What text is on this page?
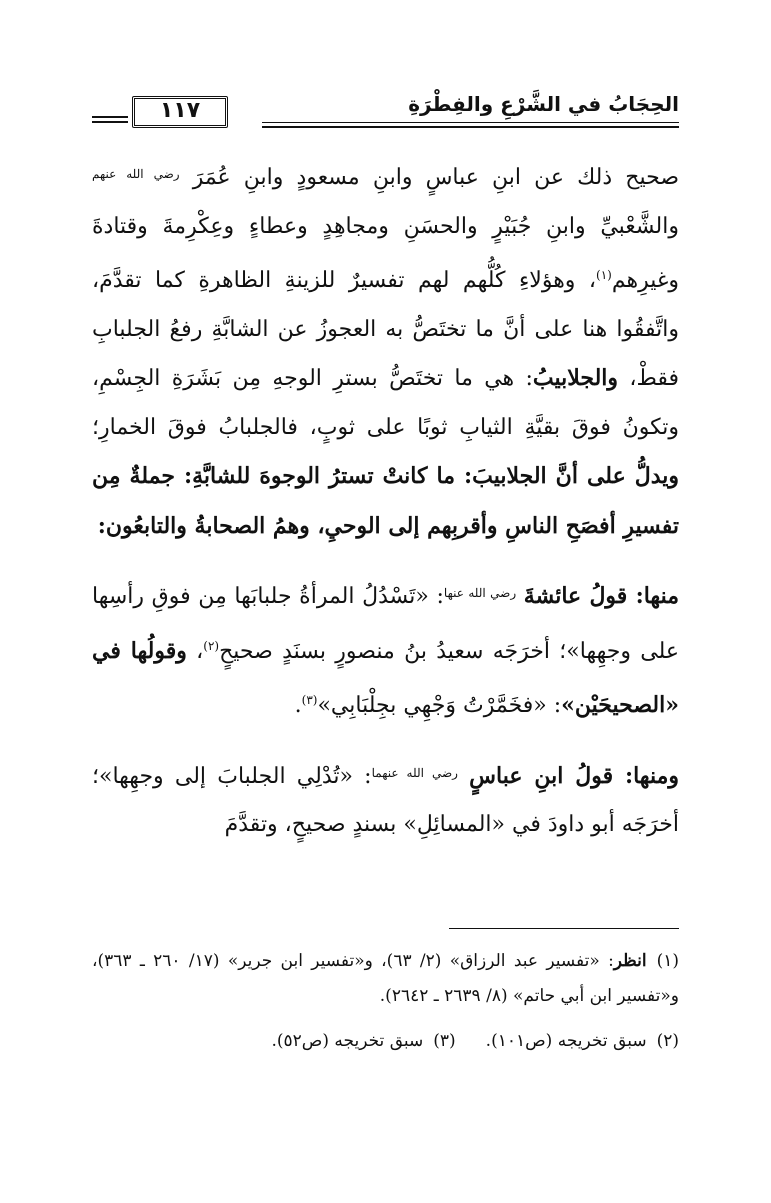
الحِجَابُ في الشَّرْعِ والفِطْرَةِ
١١٧

صحيح ذلك عن ابنِ عباسٍ وابنِ مسعودٍ وابنِ عُمَرَ $^{رضي الله عنهم}$ والشَّعْبيِّ وابنِ جُبَيْرٍ والحسَنِ ومجاهِدٍ وعطاءٍ وعِكْرِمةَ وقتادةَ وغيرِهم$^{(١)}$، وهؤلاءِ كُلُّهم لهم تفسيرٌ للزينةِ الظاهرةِ كما تقدَّمَ، واتَّفقُوا هنا على أنَّ ما تختَصُّ به العجوزُ عن الشابَّةِ رفعُ الجلبابِ فقطْ، والجلابيبُ: هي ما تختَصُّ بسترِ الوجهِ مِن بَشَرَةِ الجِسْمِ، وتكونُ فوقَ بقيَّةِ الثيابِ ثوبًا على ثوبٍ، فالجلبابُ فوقَ الخمارِ؛ ويدلُّ على أنَّ الجلابيبَ: ما كانتْ تسترُ الوجوهَ للشابَّةِ: جملةٌ مِن تفسيرِ أفصَحِ الناسِ وأقربِهم إلى الوحيِ، وهمُ الصحابةُ والتابعُون:

منها: قولُ عائشةَ $^{رضي الله عنها}$: «تَسْدُلُ المرأةُ جلبابَها مِن فوقِ رأسِها على وجهِها»؛ أخرَجَه سعيدُ بنُ منصورٍ بسنَدٍ صحيحٍ$^{(٢)}$، وقولُها في «الصحيحَيْن»: «فخَمَّرْتُ وَجْهِي بجِلْبَابِي»$^{(٣)}$.

ومنها: قولُ ابنِ عباسٍ $^{رضي الله عنهما}$: «تُدْلِي الجلبابَ إلى وجهِها»؛ أخرَجَه أبو داودَ في «المسائِلِ» بسندٍ صحيحٍ، وتقدَّمَ

(١)انظر: «تفسير عبد الرزاق» (٢/ ٦٣)، و«تفسير ابن جرير» (١٧/ ٢٦٠ ـ ٣٦٣)، و«تفسير ابن أبي حاتم» (٨/ ٢٦٣٩ ـ ٢٦٤٢).

(٢)سبق تخريجه (ص١٠١).(٣)سبق تخريجه (ص٥٢).
